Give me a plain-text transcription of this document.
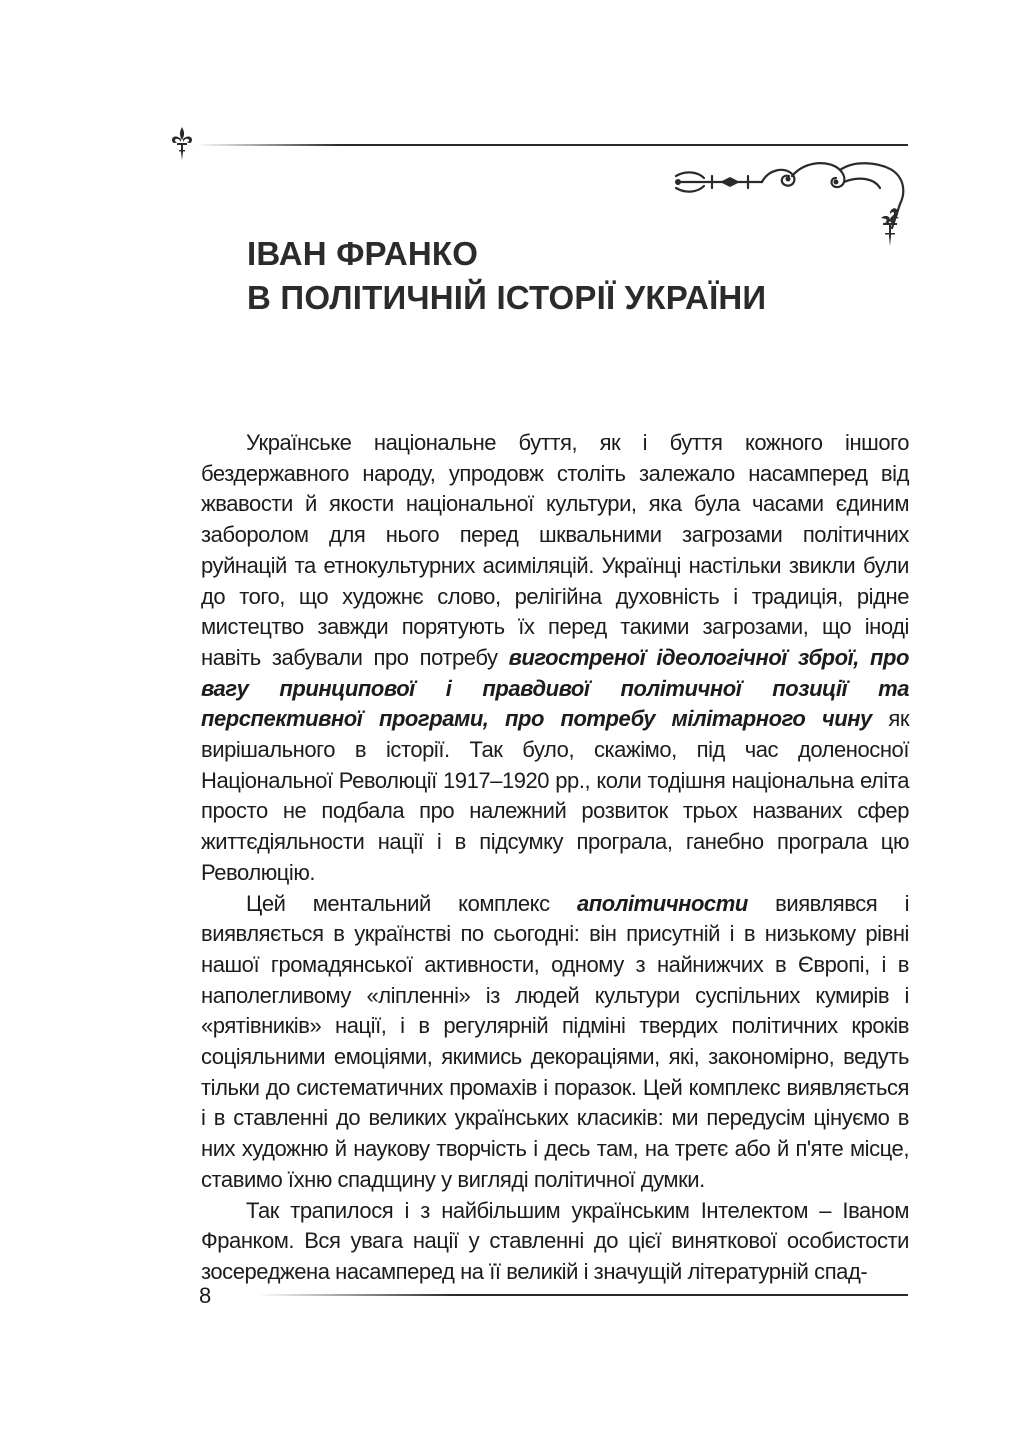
ІВАН ФРАНКО
В ПОЛІТИЧНІЙ ІСТОРІЇ УКРАЇНИ

Українське національне буття, як і буття кожного іншого бездержавного народу, упродовж століть залежало насамперед від жвавости й якости національної культури, яка була часами єдиним заборолом для нього перед шквальними загрозами політичних руйнацій та етнокультурних асиміляцій. Українці настільки звикли були до того, що художнє слово, релігійна духовність і традиція, рідне мистецтво завжди порятують їх перед такими загрозами, що іноді навіть забували про потребу вигостреної ідеологічної зброї, про вагу принципової і правдивої політичної позиції та перспективної програми, про потребу мілітарного чину як вирішального в історії. Так було, скажімо, під час доленосної Національної Революції 1917–1920 рр., коли тодішня національна еліта просто не подбала про належний розвиток трьох названих сфер життєдіяльности нації і в підсумку програла, ганебно програла цю Революцію.

Цей ментальний комплекс аполітичности виявлявся і виявляється в українстві по сьогодні: він присутній і в низькому рівні нашої громадянської активности, одному з найнижчих в Європі, і в наполегливому «ліпленні» із людей культури суспільних кумирів і «рятівників» нації, і в регулярній підміні твердих політичних кроків соціяльними емоціями, якимись декораціями, які, закономірно, ведуть тільки до систематичних промахів і поразок. Цей комплекс виявляється і в ставленні до великих українських класиків: ми передусім цінуємо в них художню й наукову творчість і десь там, на третє або й п'яте місце, ставимо їхню спадщину у вигляді політичної думки.

Так трапилося і з найбільшим українським Інтелектом – Іваном Франком. Вся увага нації у ставленні до цієї виняткової особистости зосереджена насамперед на її великій і значущій літературній спад-

8
